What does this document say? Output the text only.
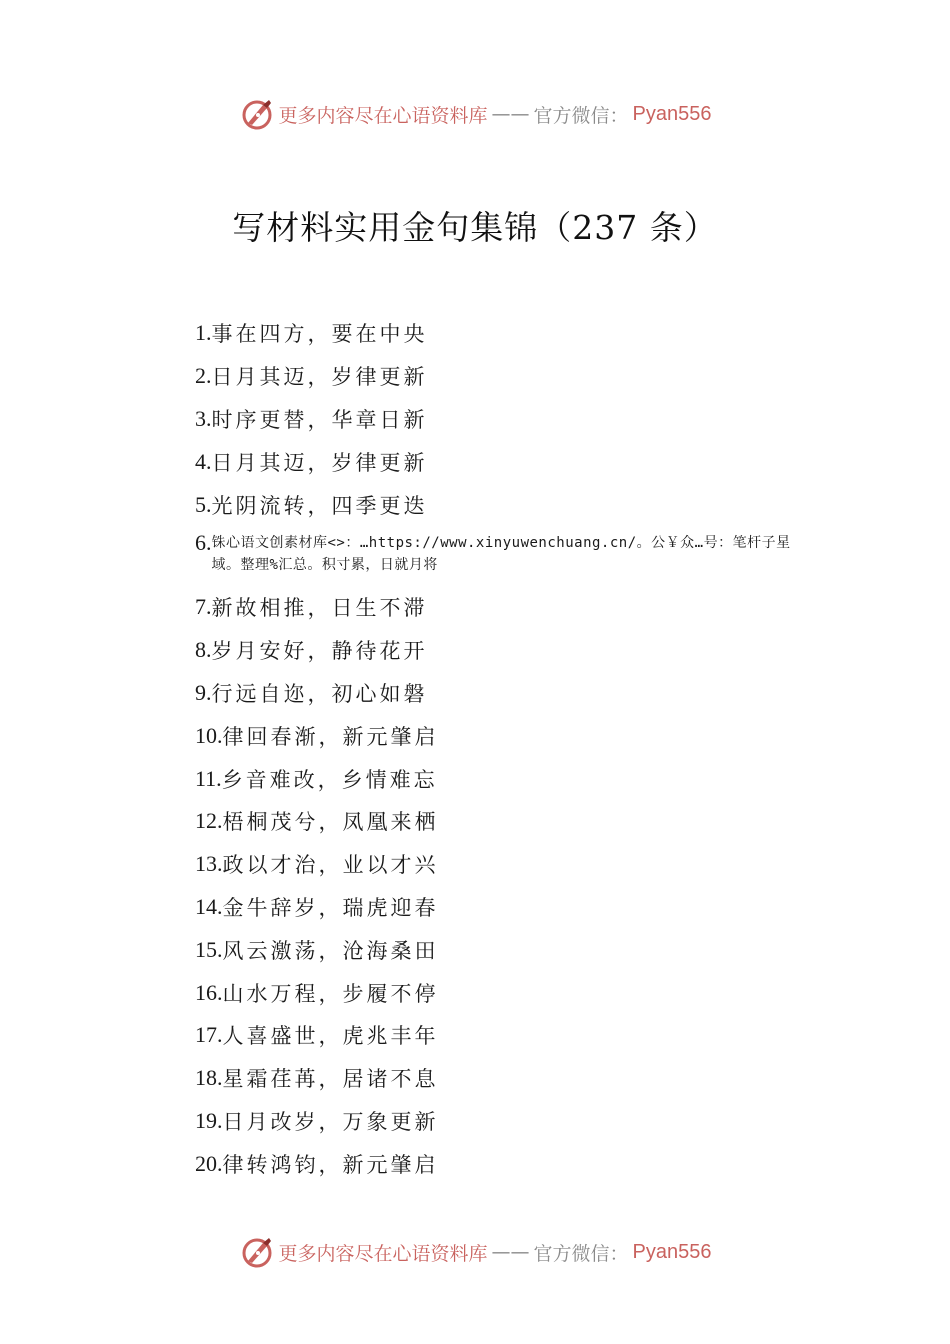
更多内容尽在心语资料库 —— 官方微信： Pyan556
写材料实用金句集锦（237 条）
1. 事在四方，要在中央
2. 日月其迈，岁律更新
3. 时序更替，华章日新
4. 日月其迈，岁律更新
5. 光阴流转，四季更迭
6. 铢心语文创素材库<>：…https://www.xinyuwenchuang.cn/。公￥众…号：笔杆子星域。整理%汇总。积寸累，日就月将
7. 新故相推，日生不滞
8. 岁月安好，静待花开
9. 行远自迩，初心如磐
10. 律回春渐，新元肇启
11. 乡音难改，乡情难忘
12. 梧桐茂兮，凤凰来栖
13. 政以才治，业以才兴
14. 金牛辞岁，瑞虎迎春
15. 风云激荡，沧海桑田
16. 山水万程，步履不停
17. 人喜盛世，虎兆丰年
18. 星霜荏苒，居诸不息
19. 日月改岁，万象更新
20. 律转鸿钧，新元肇启
更多内容尽在心语资料库 —— 官方微信： Pyan556
